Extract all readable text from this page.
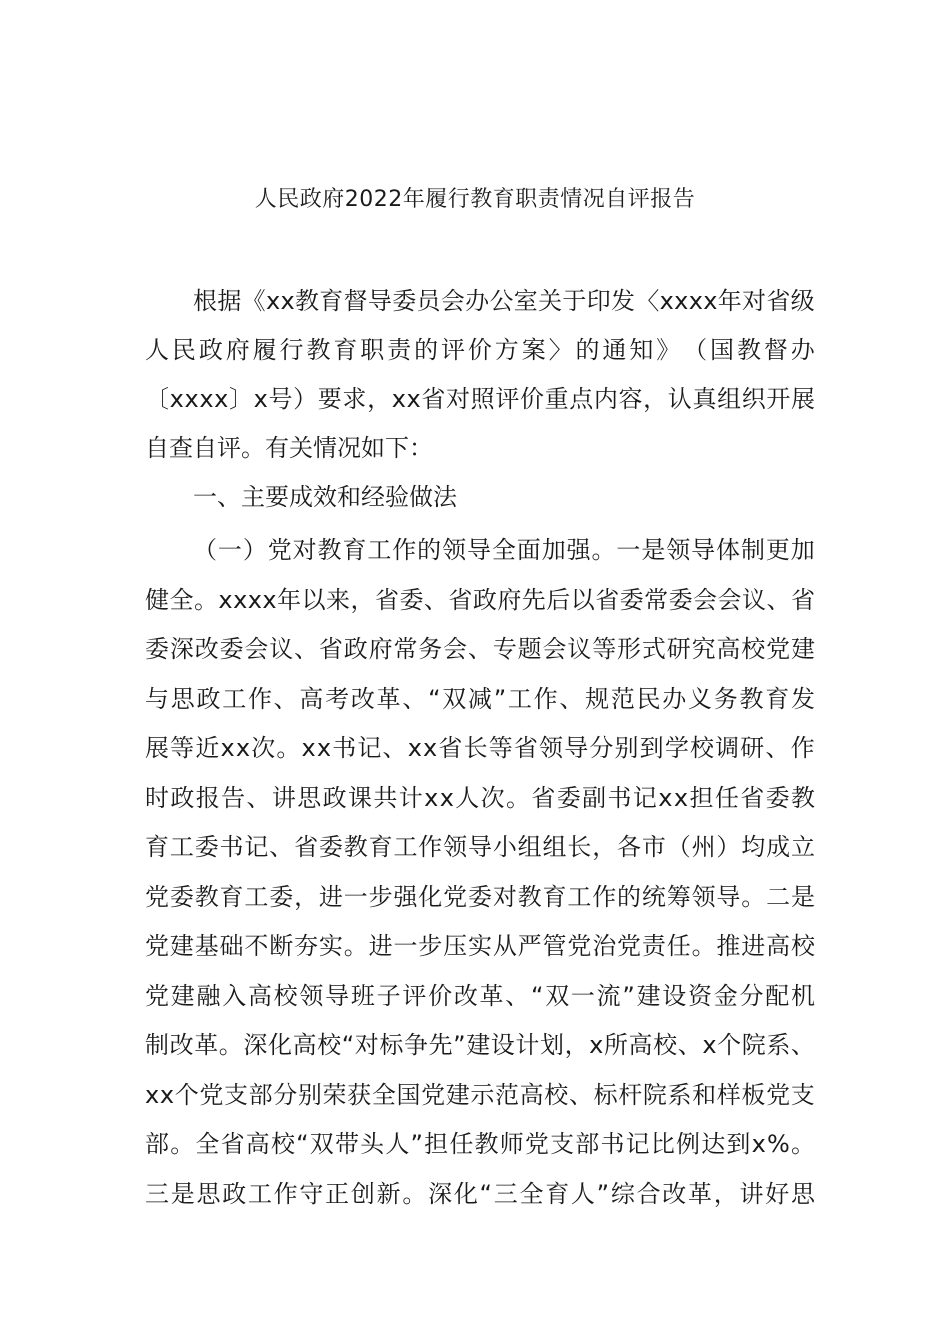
人民政府2022年履行教育职责情况自评报告
根 据 《 x x 教 育 督 导 委 员 会 办 公 室 关 于 印 发 〈 x x x x 年 对 省 级
人 民 政 府 履 行 教 育 职 责 的 评 价 方 案 〉 的 通 知 》 （ 国 教 督 办
〔 x x x x 〕 x 号 ） 要 求 ， x x 省 对 照 评 价 重 点 内 容 ， 认 真 组 织 开 展
自查自评。有关情况如下：
一、主要成效和经验做法
（ 一 ） 党 对 教 育 工 作 的 领 导 全 面 加 强 。 一 是 领 导 体 制 更 加
健 全 。 x x x x 年 以 来 ， 省 委 、 省 政 府 先 后 以 省 委 常 委 会 会 议 、 省
委 深 改 委 会 议 、 省 政 府 常 务 会 、 专 题 会 议 等 形 式 研 究 高 校 党 建
与 思 政 工 作 、 高 考 改 革 、 “ 双 减 ” 工 作 、 规 范 民 办 义 务 教 育 发
展 等 近 x x 次 。 x x 书 记 、 x x 省 长 等 省 领 导 分 别 到 学 校 调 研 、 作
时 政 报 告 、 讲 思 政 课 共 计 x x 人 次 。 省 委 副 书 记 x x 担 任 省 委 教
育 工 委 书 记 、 省 委 教 育 工 作 领 导 小 组 组 长 ， 各 市 （ 州 ） 均 成 立
党 委 教 育 工 委 ， 进 一 步 强 化 党 委 对 教 育 工 作 的 统 筹 领 导 。 二 是
党 建 基 础 不 断 夯 实 。 进 一 步 压 实 从 严 管 党 治 党 责 任 。 推 进 高 校
党 建 融 入 高 校 领 导 班 子 评 价 改 革 、 “ 双 一 流 ” 建 设 资 金 分 配 机
制 改 革 。 深 化 高 校 “ 对 标 争 先 ” 建 设 计 划 ， x 所 高 校 、 x 个 院 系 、
x x 个 党 支 部 分 别 荣 获 全 国 党 建 示 范 高 校 、 标 杆 院 系 和 样 板 党 支
部 。 全 省 高 校 “ 双 带 头 人 ” 担 任 教 师 党 支 部 书 记 比 例 达 到 x % 。
三 是 思 政 工 作 守 正 创 新 。 深 化 “ 三 全 育 人 ” 综 合 改 革 ， 讲 好 思
